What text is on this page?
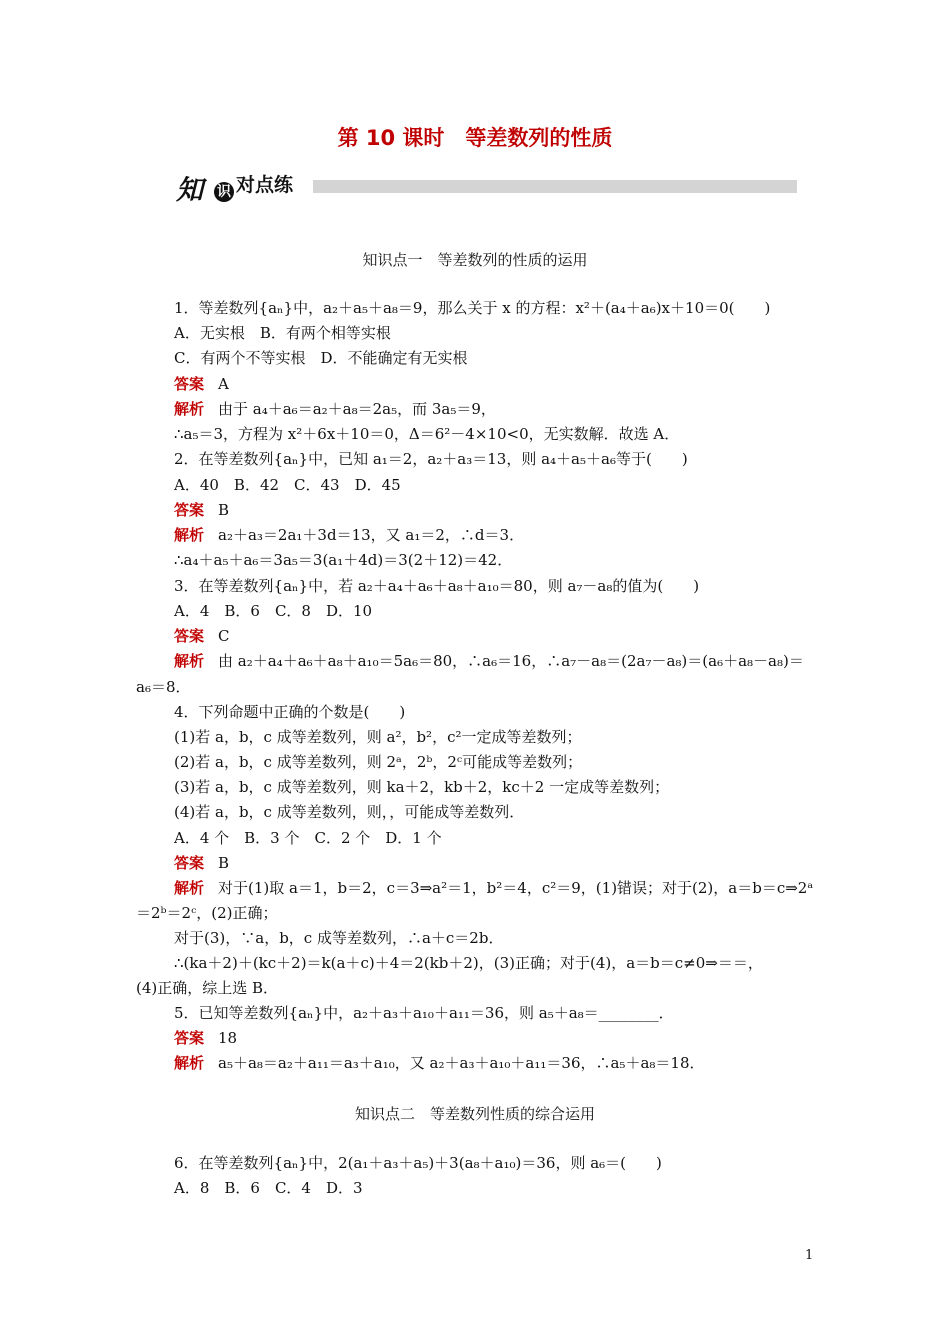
第 10 课时　等差数列的性质
知 识 对点练
知识点一　等差数列的性质的运用
1．等差数列{aₙ}中，a₂＋a₅＋a₈＝9，那么关于 x 的方程：x²＋(a₄＋a₆)x＋10＝0(　　)
A．无实根　B．有两个相等实根
C．有两个不等实根　D．不能确定有无实根
答案 A
解析 由于 a₄＋a₆＝a₂＋a₈＝2a₅，而 3a₅＝9，
∴a₅＝3，方程为 x²＋6x＋10＝0，Δ＝6²－4×10<0，无实数解．故选 A．
2．在等差数列{aₙ}中，已知 a₁＝2，a₂＋a₃＝13，则 a₄＋a₅＋a₆等于(　　)
A．40　B．42　C．43　D．45
答案 B
解析 a₂＋a₃＝2a₁＋3d＝13，又 a₁＝2，∴d＝3．
∴a₄＋a₅＋a₆＝3a₅＝3(a₁＋4d)＝3(2＋12)＝42．
3．在等差数列{aₙ}中，若 a₂＋a₄＋a₆＋a₈＋a₁₀＝80，则 a₇－a₈的值为(　　)
A．4　B．6　C．8　D．10
答案 C
解析 由 a₂＋a₄＋a₆＋a₈＋a₁₀＝5a₆＝80，∴a₆＝16，∴a₇－a₈＝(2a₇－a₈)＝(a₆＋a₈－a₈)＝
a₆＝8．
4．下列命题中正确的个数是(　　)
(1)若 a，b，c 成等差数列，则 a²，b²，c²一定成等差数列；
(2)若 a，b，c 成等差数列，则 2ᵃ，2ᵇ，2ᶜ可能成等差数列；
(3)若 a，b，c 成等差数列，则 ka＋2，kb＋2，kc＋2 一定成等差数列；
(4)若 a，b，c 成等差数列，则，，可能成等差数列．
A．4 个　B．3 个　C．2 个　D．1 个
答案 B
解析 对于(1)取 a＝1，b＝2，c＝3⇒a²＝1，b²＝4，c²＝9，(1)错误；对于(2)，a＝b＝c⇒2ᵃ
＝2ᵇ＝2ᶜ，(2)正确；
对于(3)，∵a，b，c 成等差数列，∴a＋c＝2b．
∴(ka＋2)＋(kc＋2)＝k(a＋c)＋4＝2(kb＋2)，(3)正确；对于(4)，a＝b＝c≠0⇒＝＝，
(4)正确，综上选 B．
5．已知等差数列{aₙ}中，a₂＋a₃＋a₁₀＋a₁₁＝36，则 a₅＋a₈＝________．
答案 18
解析 a₅＋a₈＝a₂＋a₁₁＝a₃＋a₁₀，又 a₂＋a₃＋a₁₀＋a₁₁＝36，∴a₅＋a₈＝18．
知识点二　等差数列性质的综合运用
6．在等差数列{aₙ}中，2(a₁＋a₃＋a₅)＋3(a₈＋a₁₀)＝36，则 a₆＝(　　)
A．8　B．6　C．4　D．3
1
